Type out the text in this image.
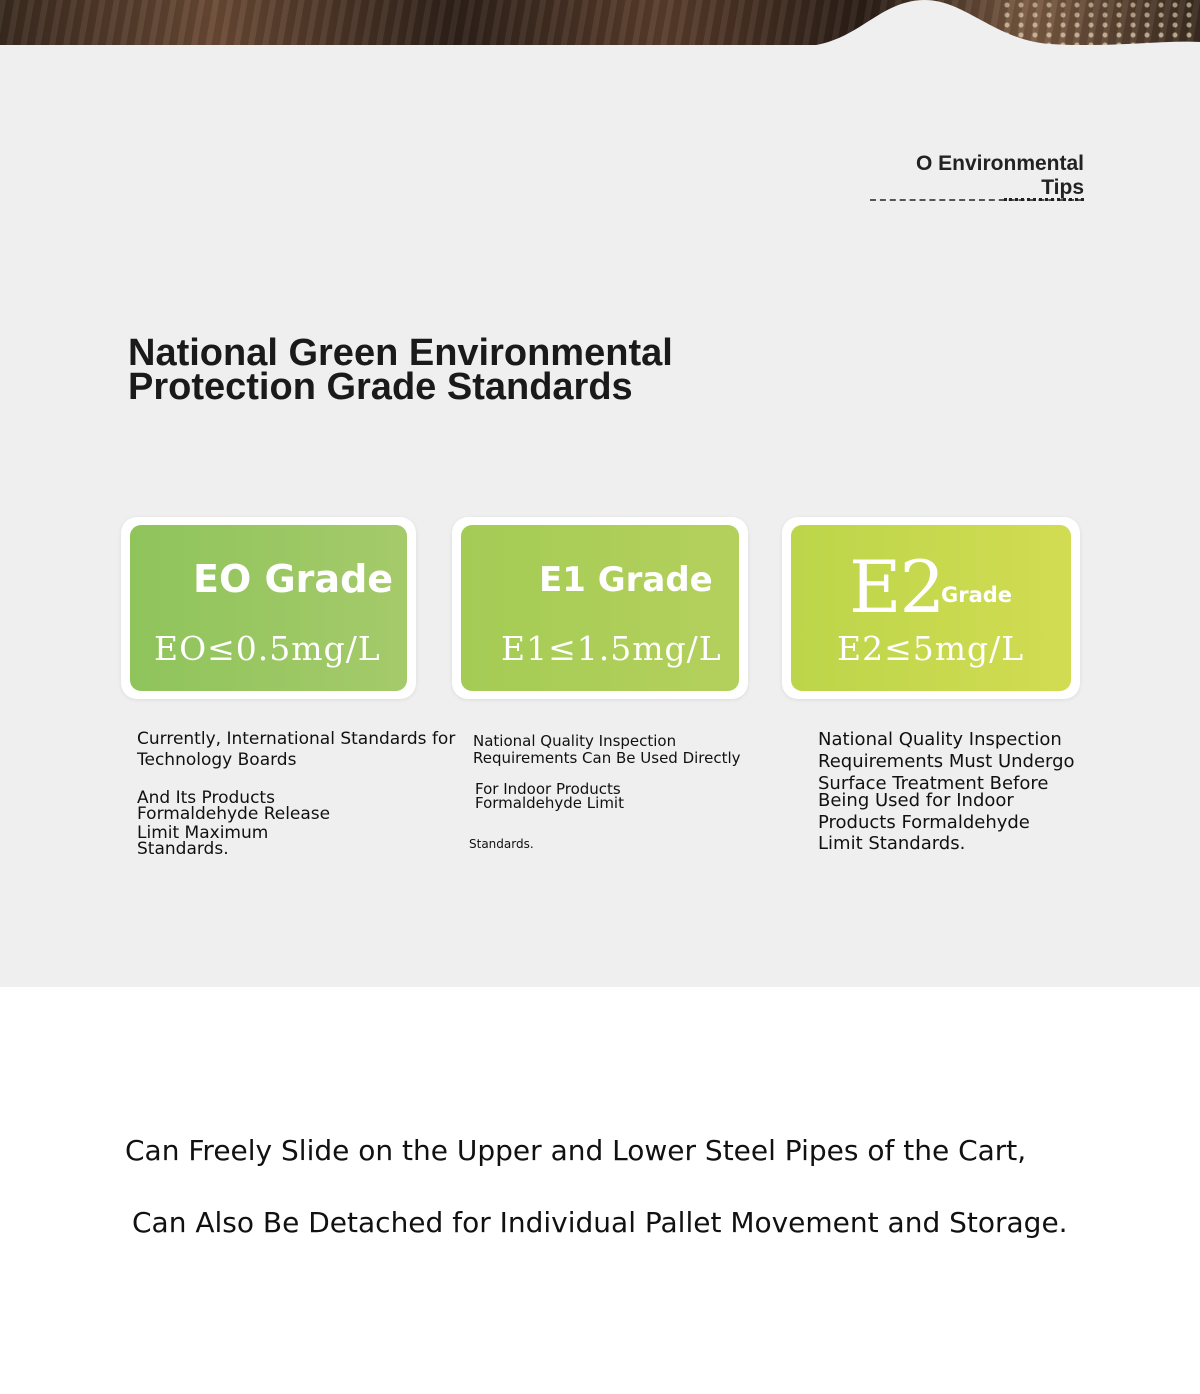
O Environmental Tips
National Green Environmental
Protection Grade Standards
EO Grade
EO≤0.5mg/L
E1 Grade
E1≤1.5mg/L
E2
Grade
E2≤5mg/L
Currently, International Standards for
Technology Boards
And Its Products
Formaldehyde Release
Limit Maximum
Standards.
National Quality Inspection
Requirements Can Be Used Directly
For Indoor Products
Formaldehyde Limit
Standards.
National Quality Inspection
Requirements Must Undergo
Surface Treatment Before
Being Used for Indoor
Products Formaldehyde
Limit Standards.

Can Freely Slide on the Upper and Lower Steel Pipes of the Cart,

Can Also Be Detached for Individual Pallet Movement and Storage.
